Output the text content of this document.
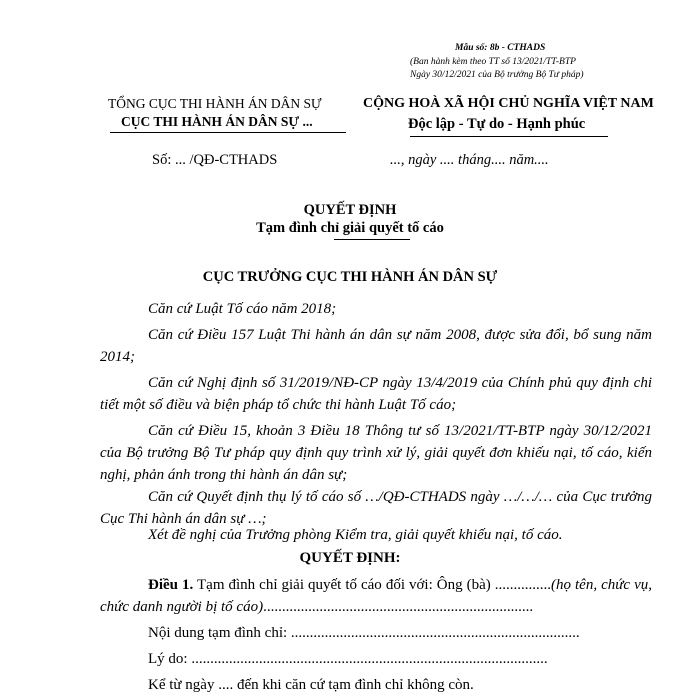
Mẫu số: 8b - CTHADS
(Ban hành kèm theo TT số 13/2021/TT-BTP
Ngày 30/12/2021 của Bộ trưởng Bộ Tư pháp)
TỔNG CỤC THI HÀNH ÁN DÂN SỰ
CỤC THI HÀNH ÁN DÂN SỰ ...
CỘNG HOÀ XÃ HỘI CHỦ NGHĨA VIỆT NAM
Độc lập - Tự do - Hạnh phúc
Số: ... /QĐ-CTHADS	..., ngày .... tháng.... năm....
QUYẾT ĐỊNH
Tạm đình chỉ giải quyết tố cáo
CỤC TRƯỞNG CỤC THI HÀNH ÁN DÂN SỰ
Căn cứ Luật Tố cáo năm 2018;
Căn cứ Điều 157 Luật Thi hành án dân sự năm 2008, được sửa đổi, bổ sung năm 2014;
Căn cứ Nghị định số 31/2019/NĐ-CP ngày 13/4/2019 của Chính phủ quy định chi tiết một số điều và biện pháp tổ chức thi hành Luật Tố cáo;
Căn cứ Điều 15, khoản 3 Điều 18 Thông tư số 13/2021/TT-BTP ngày 30/12/2021 của Bộ trưởng Bộ Tư pháp quy định quy trình xử lý, giải quyết đơn khiếu nại, tố cáo, kiến nghị, phản ánh trong thi hành án dân sự;
Căn cứ Quyết định thụ lý tố cáo số …/QĐ-CTHADS ngày …/…/… của Cục trưởng Cục Thi hành án dân sự …;
Xét đề nghị của Trưởng phòng Kiểm tra, giải quyết khiếu nại, tố cáo.
QUYẾT ĐỊNH:
Điều 1. Tạm đình chỉ giải quyết tố cáo đối với: Ông (bà) ...............(họ tên, chức vụ, chức danh người bị tố cáo)........................................................................
Nội dung tạm đình chỉ: .............................................................................
Lý do: ...............................................................................................
Kể từ ngày .... đến khi căn cứ tạm đình chỉ không còn.
